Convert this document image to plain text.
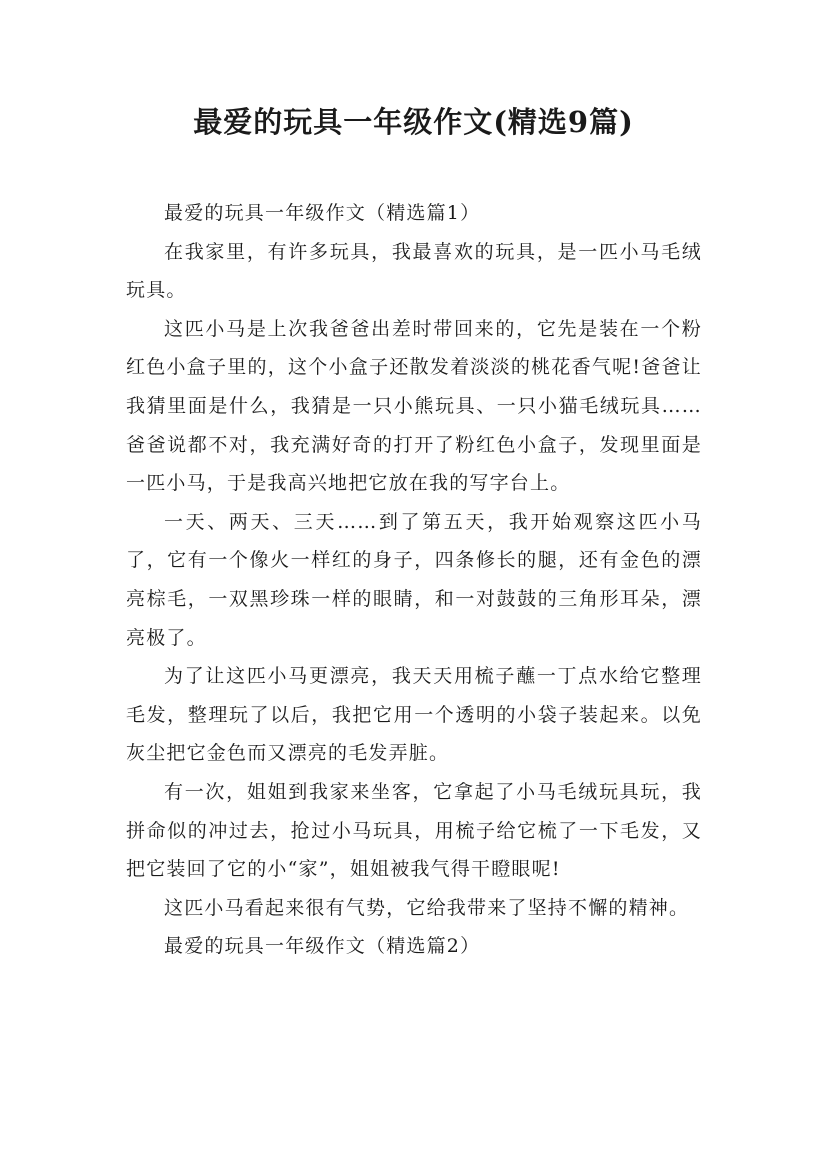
最爱的玩具一年级作文(精选9篇)

最爱的玩具一年级作文（精选篇1）

在我家里，有许多玩具，我最喜欢的玩具，是一匹小马毛绒玩具。

这匹小马是上次我爸爸出差时带回来的，它先是装在一个粉红色小盒子里的，这个小盒子还散发着淡淡的桃花香气呢!爸爸让我猜里面是什么，我猜是一只小熊玩具、一只小猫毛绒玩具……爸爸说都不对，我充满好奇的打开了粉红色小盒子，发现里面是一匹小马，于是我高兴地把它放在我的写字台上。

一天、两天、三天……到了第五天，我开始观察这匹小马了，它有一个像火一样红的身子，四条修长的腿，还有金色的漂亮棕毛，一双黑珍珠一样的眼睛，和一对鼓鼓的三角形耳朵，漂亮极了。

为了让这匹小马更漂亮，我天天用梳子蘸一丁点水给它整理毛发，整理玩了以后，我把它用一个透明的小袋子装起来。以免灰尘把它金色而又漂亮的毛发弄脏。

有一次，姐姐到我家来坐客，它拿起了小马毛绒玩具玩，我拼命似的冲过去，抢过小马玩具，用梳子给它梳了一下毛发，又把它装回了它的小“家”，姐姐被我气得干瞪眼呢!

这匹小马看起来很有气势，它给我带来了坚持不懈的精神。

最爱的玩具一年级作文（精选篇2）
